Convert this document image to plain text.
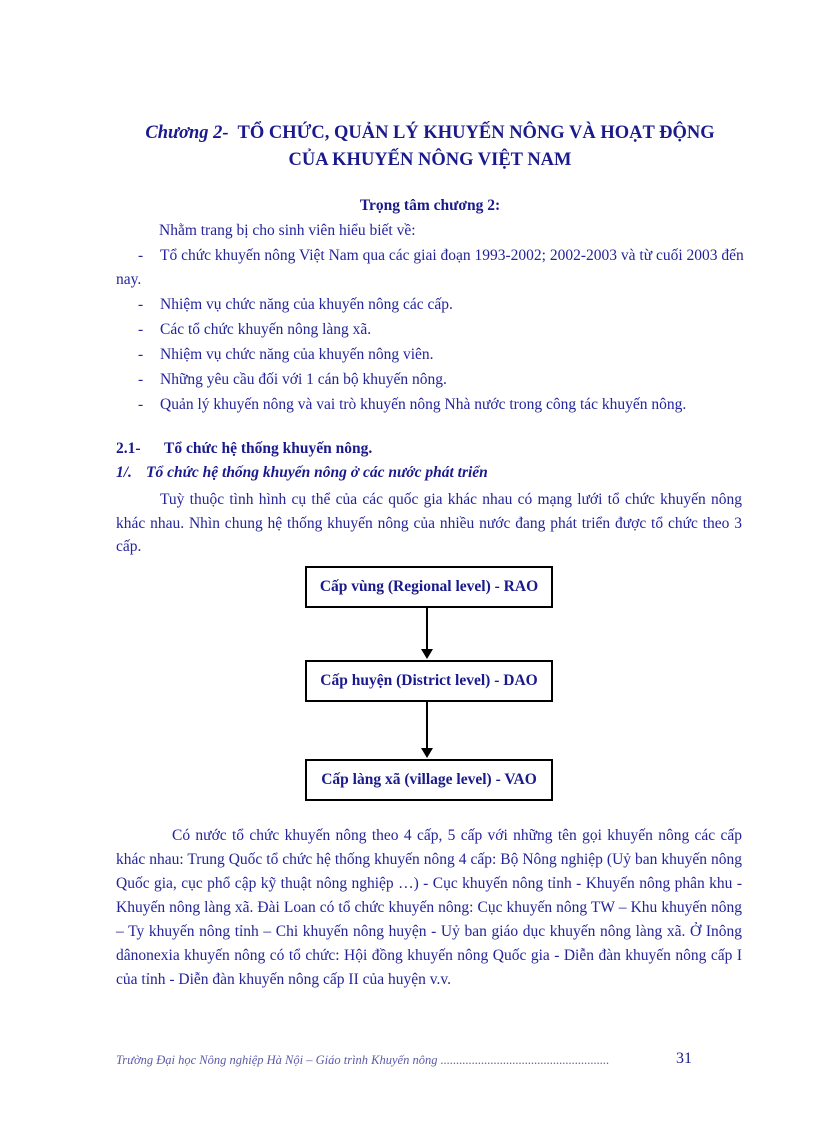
Chương 2- TỔ CHỨC, QUẢN LÝ KHUYẾN NÔNG VÀ HOẠT ĐỘNG
CỦA KHUYẾN NÔNG VIỆT NAM
Trọng tâm chương 2:
Nhằm trang bị cho sinh viên hiểu biết về:
- Tổ chức khuyến nông Việt Nam qua các giai đoạn 1993-2002; 2002-2003 và từ cuối 2003 đến nay.
- Nhiệm vụ chức năng của khuyến nông các cấp.
- Các tổ chức khuyến nông làng xã.
- Nhiệm vụ chức năng của khuyến nông viên.
- Những yêu cầu đối với 1 cán bộ khuyến nông.
- Quản lý khuyến nông và vai trò khuyến nông Nhà nước trong công tác khuyến nông.
2.1- Tổ chức hệ thống khuyến nông.
1/. Tổ chức hệ thống khuyến nông ở các nước phát triển
Tuỳ thuộc tình hình cụ thể của các quốc gia khác nhau có mạng lưới tổ chức khuyến nông khác nhau. Nhìn chung hệ thống khuyến nông của nhiều nước đang phát triển được tổ chức theo 3 cấp.
Cấp vùng (Regional level) - RAO
Cấp huyện (District level) - DAO
Cấp làng xã (village level) - VAO
Có nước tổ chức khuyến nông theo 4 cấp, 5 cấp với những tên gọi khuyến nông các cấp khác nhau: Trung Quốc tổ chức hệ thống khuyến nông 4 cấp: Bộ Nông nghiệp (Uỷ ban khuyến nông Quốc gia, cục phổ cập kỹ thuật nông nghiệp …) - Cục khuyến nông tỉnh - Khuyến nông phân khu - Khuyến nông làng xã. Đài Loan có tổ chức khuyến nông: Cục khuyến nông TW – Khu khuyến nông – Ty khuyến nông tỉnh – Chi khuyến nông huyện - Uỷ ban giáo dục khuyến nông làng xã. Ở Inông dânonexia khuyến nông có tổ chức: Hội đồng khuyến nông Quốc gia - Diễn đàn khuyến nông cấp I của tỉnh - Diễn đàn khuyến nông cấp II của huyện v.v.
Trường Đại học Nông nghiệp Hà Nội – Giáo trình Khuyến nông ......................................................	31
